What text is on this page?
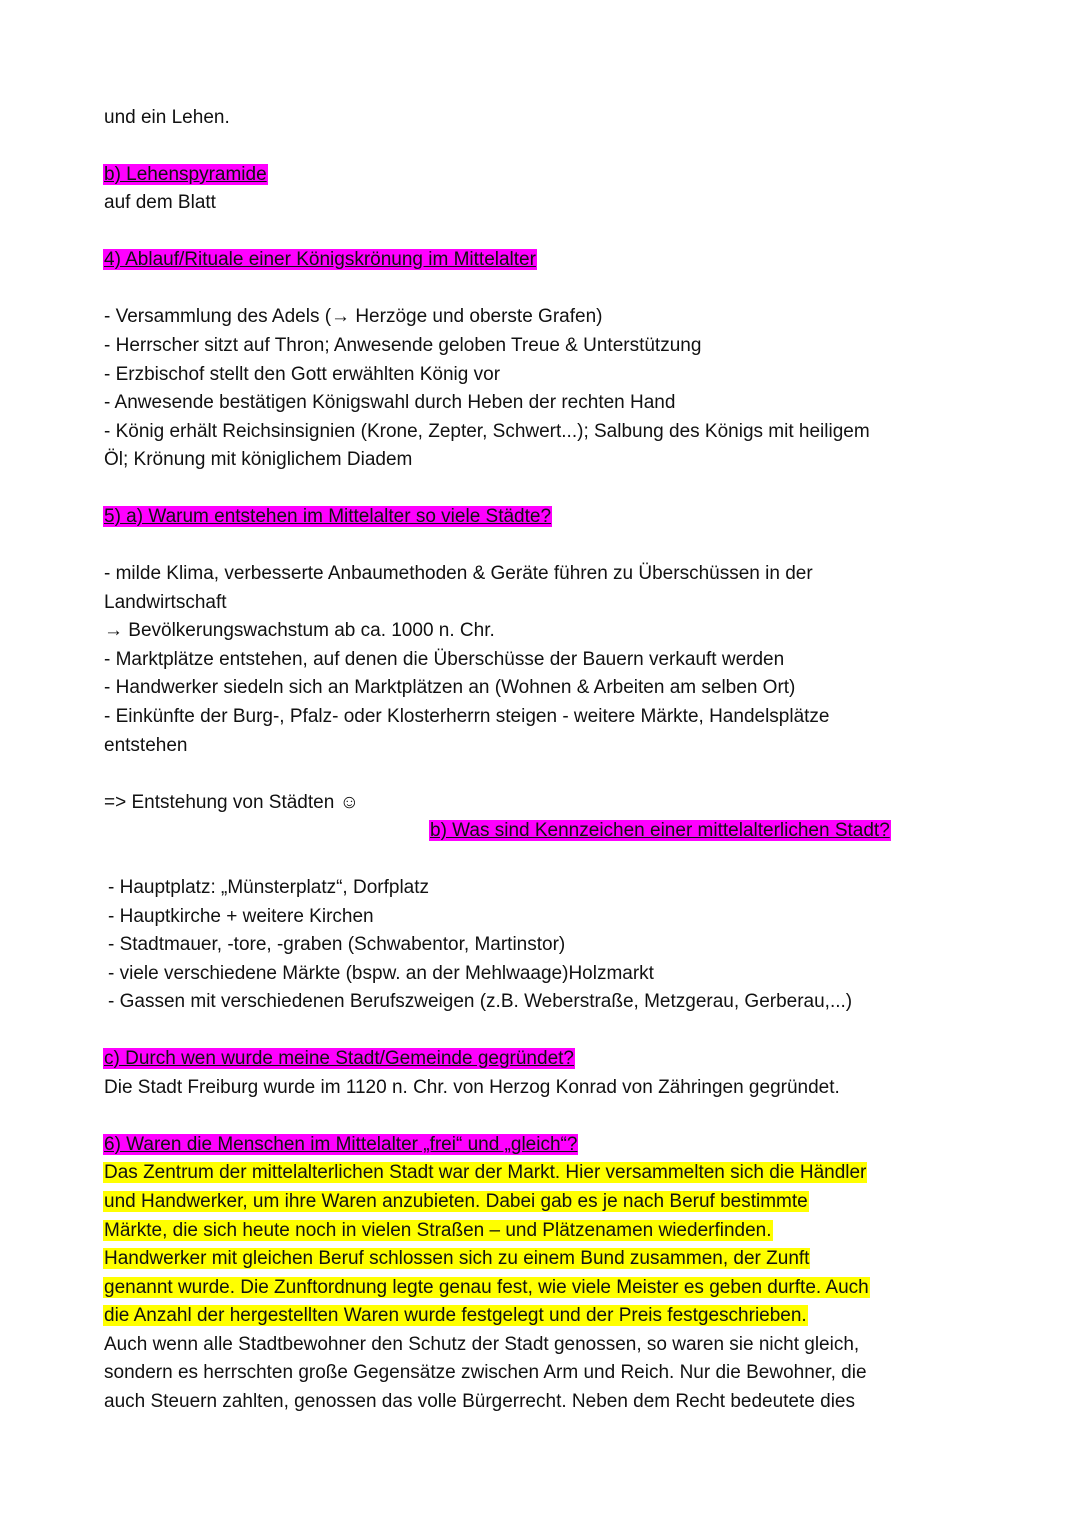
und ein Lehen.
b) Lehenspyramide
auf dem Blatt
4) Ablauf/Rituale einer Königskrönung im Mittelalter
- Versammlung des Adels (→ Herzöge und oberste Grafen)
- Herrscher sitzt auf Thron; Anwesende geloben Treue & Unterstützung
- Erzbischof stellt den Gott erwählten König vor
- Anwesende bestätigen Königswahl durch Heben der rechten Hand
- König erhält Reichsinsignien (Krone, Zepter, Schwert...); Salbung des Königs mit heiligem
Öl; Krönung mit königlichem Diadem
5) a) Warum entstehen im Mittelalter so viele Städte?
- milde Klima, verbesserte Anbaumethoden & Geräte führen zu Überschüssen in der
Landwirtschaft
→ Bevölkerungswachstum ab ca. 1000 n. Chr.
- Marktplätze entstehen, auf denen die Überschüsse der Bauern verkauft werden
- Handwerker siedeln sich an Marktplätzen an (Wohnen & Arbeiten am selben Ort)
- Einkünfte der Burg-, Pfalz- oder Klosterherrn steigen - weitere Märkte, Handelsplätze
entstehen
=> Entstehung von Städten ☺
b) Was sind Kennzeichen einer mittelalterlichen Stadt?
- Hauptplatz: „Münsterplatz“, Dorfplatz
- Hauptkirche + weitere Kirchen
- Stadtmauer, -tore, -graben (Schwabentor, Martinstor)
- viele verschiedene Märkte (bspw. an der Mehlwaage)Holzmarkt
- Gassen mit verschiedenen Berufszweigen (z.B. Weberstraße, Metzgerau, Gerberau,...)
c) Durch wen wurde meine Stadt/Gemeinde gegründet?
Die Stadt Freiburg wurde im 1120 n. Chr. von Herzog Konrad von Zähringen gegründet.
6) Waren die Menschen im Mittelalter „frei“ und „gleich“?
Das Zentrum der mittelalterlichen Stadt war der Markt. Hier versammelten sich die Händler
und Handwerker, um ihre Waren anzubieten. Dabei gab es je nach Beruf bestimmte
Märkte, die sich heute noch in vielen Straßen – und Plätzenamen wiederfinden.
Handwerker mit gleichen Beruf schlossen sich zu einem Bund zusammen, der Zunft
genannt wurde. Die Zunftordnung legte genau fest, wie viele Meister es geben durfte. Auch
die Anzahl der hergestellten Waren wurde festgelegt und der Preis festgeschrieben.
Auch wenn alle Stadtbewohner den Schutz der Stadt genossen, so waren sie nicht gleich,
sondern es herrschten große Gegensätze zwischen Arm und Reich. Nur die Bewohner, die
auch Steuern zahlten, genossen das volle Bürgerrecht. Neben dem Recht bedeutete dies
